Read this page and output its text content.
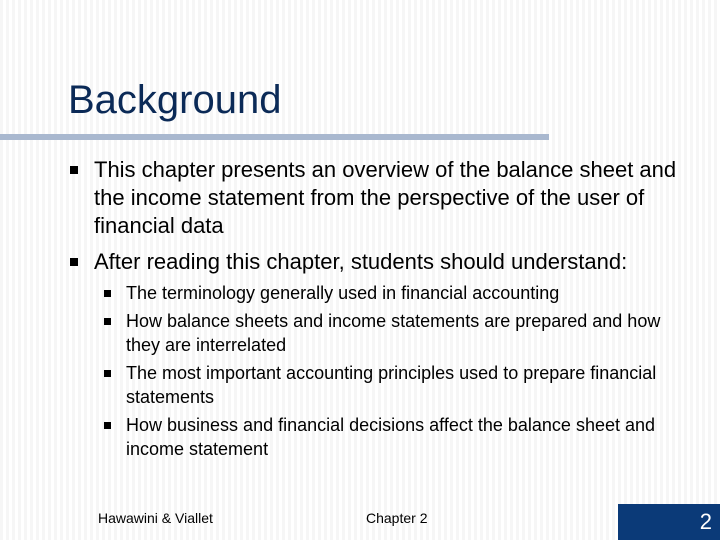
Background
This chapter presents an overview of the balance sheet and the income statement from the perspective of the user of financial data
After reading this chapter, students should understand:
The terminology generally used in financial accounting
How balance sheets and income statements are prepared and how they are interrelated
The most important accounting principles used to prepare financial statements
How business and financial decisions affect the balance sheet and income statement
Hawawini & Viallet	Chapter 2	2
